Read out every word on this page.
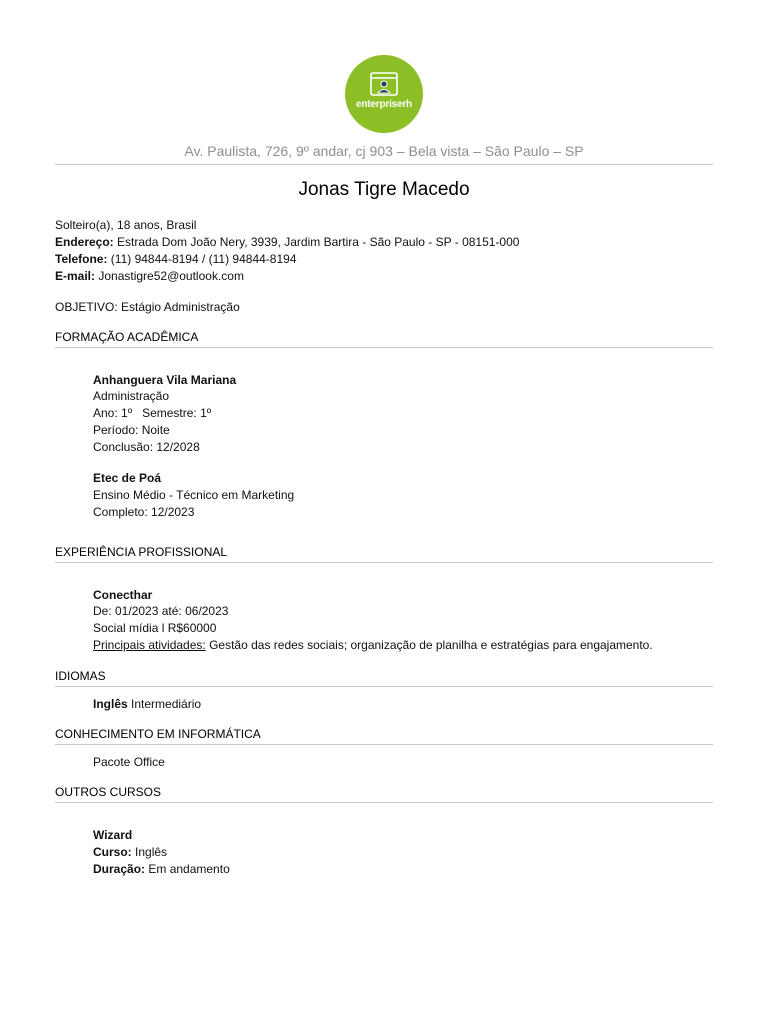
enterpriserh
Av. Paulista, 726, 9º andar, cj 903 – Bela vista – São Paulo – SP
Jonas Tigre Macedo
Solteiro(a), 18 anos, Brasil
Endereço: Estrada Dom João Nery, 3939, Jardim Bartira - São Paulo - SP - 08151-000
Telefone: (11) 94844-8194 / (11) 94844-8194
E-mail: Jonastigre52@outlook.com
OBJETIVO: Estágio Administração
FORMAÇÃO ACADÊMICA
Anhanguera Vila Mariana
Administração
Ano: 1º   Semestre: 1º
Período: Noite
Conclusão: 12/2028
Etec de Poá
Ensino Médio - Técnico em Marketing
Completo: 12/2023
EXPERIÊNCIA PROFISSIONAL
Conecthar
De: 01/2023 até: 06/2023
Social mídia l R$60000
Principais atividades: Gestão das redes sociais; organização de planilha e estratégias para engajamento.
IDIOMAS
Inglês Intermediário
CONHECIMENTO EM INFORMÁTICA
Pacote Office
OUTROS CURSOS
Wizard
Curso: Inglês
Duração: Em andamento
